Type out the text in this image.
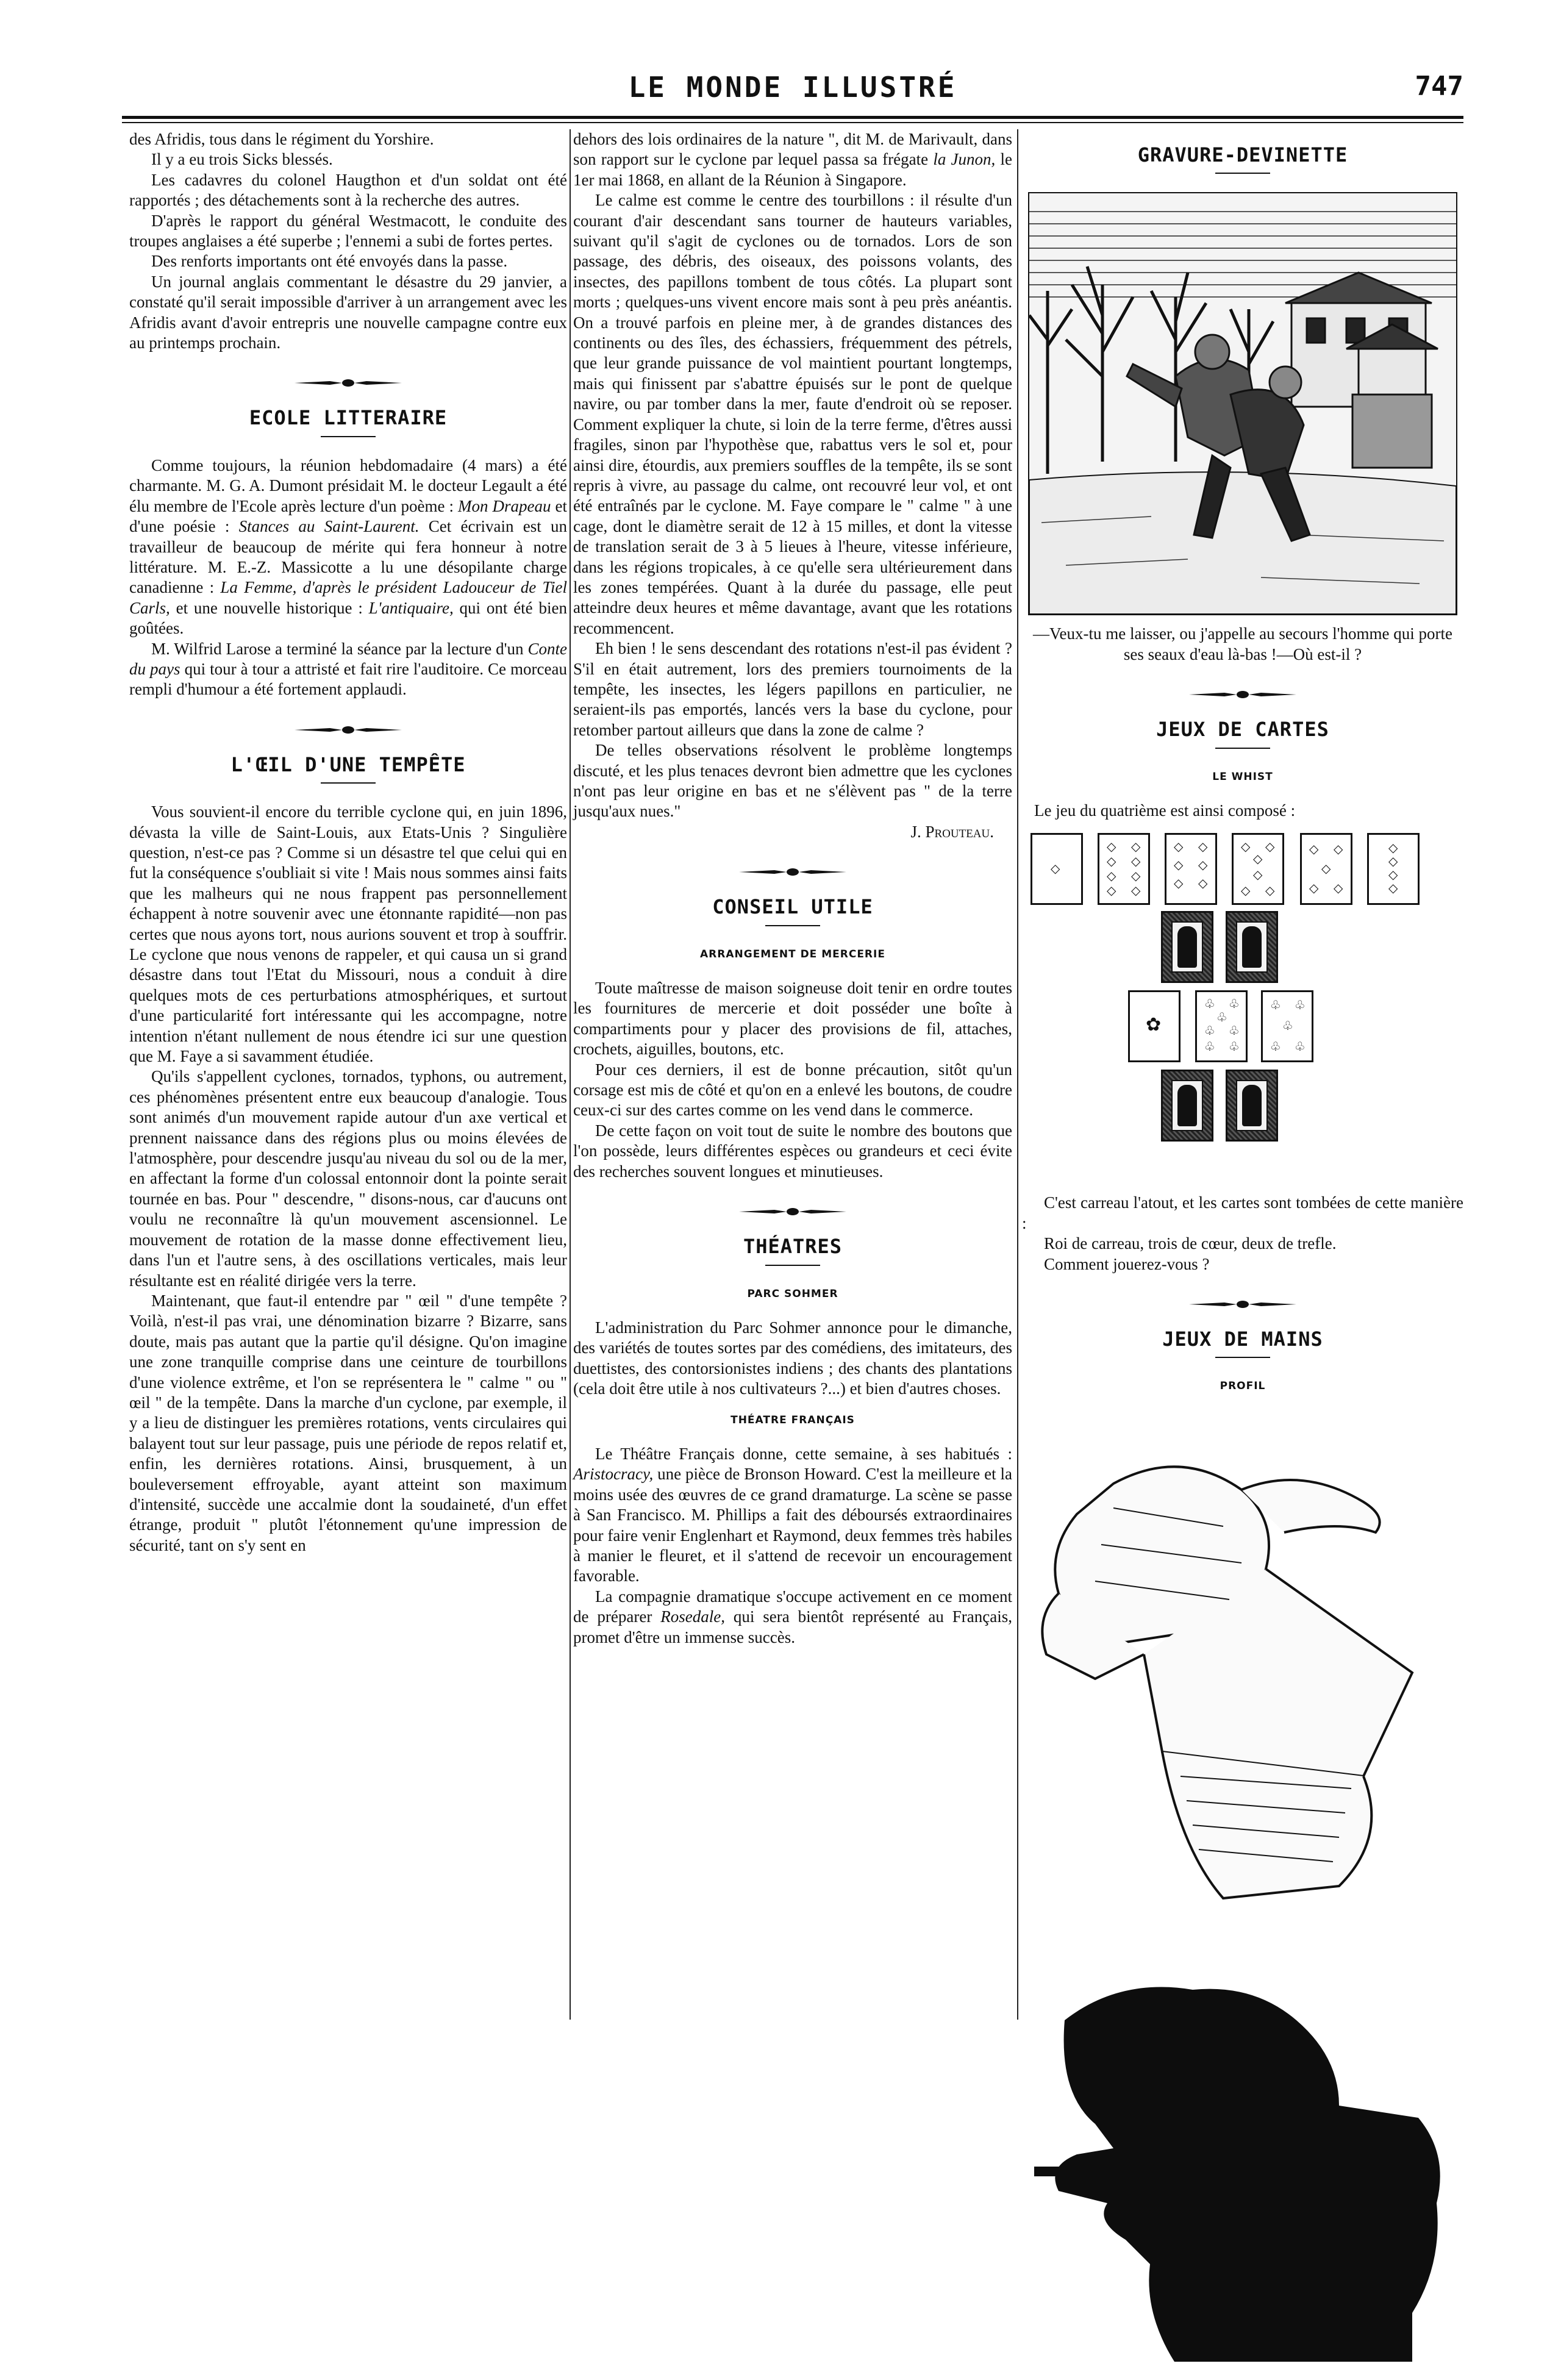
LE MONDE ILLUSTRÉ	747

des Afridis, tous dans le régiment du Yorshire.

Il y a eu trois Sicks blessés.

Les cadavres du colonel Haugthon et d'un soldat ont été rapportés ; des détachements sont à la recherche des autres.

D'après le rapport du général Westmacott, le conduite des troupes anglaises a été superbe ; l'ennemi a subi de fortes pertes.

Des renforts importants ont été envoyés dans la passe.

Un journal anglais commentant le désastre du 29 janvier, a constaté qu'il serait impossible d'arriver à un arrangement avec les Afridis avant d'avoir entrepris une nouvelle campagne contre eux au printemps prochain.

ECOLE LITTERAIRE

Comme toujours, la réunion hebdomadaire (4 mars) a été charmante. M. G. A. Dumont présidait M. le docteur Legault a été élu membre de l'Ecole après lecture d'un poème : Mon Drapeau et d'une poésie : Stances au Saint-Laurent. Cet écrivain est un travailleur de beaucoup de mérite qui fera honneur à notre littérature. M. E.-Z. Massicotte a lu une désopilante charge canadienne : La Femme, d'après le président Ladouceur de Tiel Carls, et une nouvelle historique : L'antiquaire, qui ont été bien goûtées.

M. Wilfrid Larose a terminé la séance par la lecture d'un Conte du pays qui tour à tour a attristé et fait rire l'auditoire. Ce morceau rempli d'humour a été fortement applaudi.

L'ŒIL D'UNE TEMPÊTE

Vous souvient-il encore du terrible cyclone qui, en juin 1896, dévasta la ville de Saint-Louis, aux Etats-Unis ? Singulière question, n'est-ce pas ? Comme si un désastre tel que celui qui en fut la conséquence s'oubliait si vite ! Mais nous sommes ainsi faits que les malheurs qui ne nous frappent pas personnellement échappent à notre souvenir avec une étonnante rapidité—non pas certes que nous ayons tort, nous aurions souvent et trop à souffrir. Le cyclone que nous venons de rappeler, et qui causa un si grand désastre dans tout l'Etat du Missouri, nous a conduit à dire quelques mots de ces perturbations atmosphériques, et surtout d'une particularité fort intéressante qui les accompagne, notre intention n'étant nullement de nous étendre ici sur une question que M. Faye a si savamment étudiée.

Qu'ils s'appellent cyclones, tornados, typhons, ou autrement, ces phénomènes présentent entre eux beaucoup d'analogie. Tous sont animés d'un mouvement rapide autour d'un axe vertical et prennent naissance dans des régions plus ou moins élevées de l'atmosphère, pour descendre jusqu'au niveau du sol ou de la mer, en affectant la forme d'un colossal entonnoir dont la pointe serait tournée en bas. Pour " descendre, " disons-nous, car d'aucuns ont voulu ne reconnaître là qu'un mouvement ascensionnel. Le mouvement de rotation de la masse donne effectivement lieu, dans l'un et l'autre sens, à des oscillations verticales, mais leur résultante est en réalité dirigée vers la terre.

Maintenant, que faut-il entendre par " œil " d'une tempête ? Voilà, n'est-il pas vrai, une dénomination bizarre ? Bizarre, sans doute, mais pas autant que la partie qu'il désigne. Qu'on imagine une zone tranquille comprise dans une ceinture de tourbillons d'une violence extrême, et l'on se représentera le " calme " ou " œil " de la tempête. Dans la marche d'un cyclone, par exemple, il y a lieu de distinguer les premières rotations, vents circulaires qui balayent tout sur leur passage, puis une période de repos relatif et, enfin, les dernières rotations. Ainsi, brusquement, à un bouleversement effroyable, ayant atteint son maximum d'intensité, succède une accalmie dont la soudaineté, d'un effet étrange, produit " plutôt l'étonnement qu'une impression de sécurité, tant on s'y sent en

dehors des lois ordinaires de la nature ", dit M. de Marivault, dans son rapport sur le cyclone par lequel passa sa frégate la Junon, le 1er mai 1868, en allant de la Réunion à Singapore.

Le calme est comme le centre des tourbillons : il résulte d'un courant d'air descendant sans tourner de hauteurs variables, suivant qu'il s'agit de cyclones ou de tornados. Lors de son passage, des débris, des oiseaux, des poissons volants, des insectes, des papillons tombent de tous côtés. La plupart sont morts ; quelques-uns vivent encore mais sont à peu près anéantis. On a trouvé parfois en pleine mer, à de grandes distances des continents ou des îles, des échassiers, fréquemment des pétrels, que leur grande puissance de vol maintient pourtant longtemps, mais qui finissent par s'abattre épuisés sur le pont de quelque navire, ou par tomber dans la mer, faute d'endroit où se reposer. Comment expliquer la chute, si loin de la terre ferme, d'êtres aussi fragiles, sinon par l'hypothèse que, rabattus vers le sol et, pour ainsi dire, étourdis, aux premiers souffles de la tempête, ils se sont repris à vivre, au passage du calme, ont recouvré leur vol, et ont été entraînés par le cyclone. M. Faye compare le " calme " à une cage, dont le diamètre serait de 12 à 15 milles, et dont la vitesse de translation serait de 3 à 5 lieues à l'heure, vitesse inférieure, dans les régions tropicales, à ce qu'elle sera ultérieurement dans les zones tempérées. Quant à la durée du passage, elle peut atteindre deux heures et même davantage, avant que les rotations recommencent.

Eh bien ! le sens descendant des rotations n'est-il pas évident ? S'il en était autrement, lors des premiers tournoiments de la tempête, les insectes, les légers papillons en particulier, ne seraient-ils pas emportés, lancés vers la base du cyclone, pour retomber partout ailleurs que dans la zone de calme ?

De telles observations résolvent le problème longtemps discuté, et les plus tenaces devront bien admettre que les cyclones n'ont pas leur origine en bas et ne s'élèvent pas " de la terre jusqu'aux nues."

J. Prouteau.

CONSEIL UTILE
ARRANGEMENT DE MERCERIE

Toute maîtresse de maison soigneuse doit tenir en ordre toutes les fournitures de mercerie et doit posséder une boîte à compartiments pour y placer des provisions de fil, attaches, crochets, aiguilles, boutons, etc.

Pour ces derniers, il est de bonne précaution, sitôt qu'un corsage est mis de côté et qu'on en a enlevé les boutons, de coudre ceux-ci sur des cartes comme on les vend dans le commerce.

De cette façon on voit tout de suite le nombre des boutons que l'on possède, leurs différentes espèces ou grandeurs et ceci évite des recherches souvent longues et minutieuses.

THÉATRES
PARC SOHMER

L'administration du Parc Sohmer annonce pour le dimanche, des variétés de toutes sortes par des comédiens, des imitateurs, des duettistes, des contorsionistes indiens ; des chants des plantations (cela doit être utile à nos cultivateurs ?...) et bien d'autres choses.

THÉATRE FRANÇAIS

Le Théâtre Français donne, cette semaine, à ses habitués : Aristocracy, une pièce de Bronson Howard. C'est la meilleure et la moins usée des œuvres de ce grand dramaturge. La scène se passe à San Francisco. M. Phillips a fait des déboursés extraordinaires pour faire venir Englenhart et Raymond, deux femmes très habiles à manier le fleuret, et il s'attend de recevoir un encouragement favorable.

La compagnie dramatique s'occupe activement en ce moment de préparer Rosedale, qui sera bientôt représenté au Français, promet d'être un immense succès.

GRAVURE-DEVINETTE

—Veux-tu me laisser, ou j'appelle au secours l'homme qui porte ses seaux d'eau là-bas !—Où est-il ?

JEUX DE CARTES
LE WHIST

Le jeu du quatrième est ainsi composé :

◇
◇ ◇
◇ ◇
◇ ◇
◇ ◇
◇ ◇
◇ ◇
◇ ◇
◇ ◇
◇
◇
◇ ◇
◇ ◇
◇
◇ ◇
◇
◇
◇
◇
✿
♧ ♧
♧
♧ ♧
♧ ♧
♧ ♧
♧
♧ ♧

C'est carreau l'atout, et les cartes sont tombées de cette manière :

Roi de carreau, trois de cœur, deux de trefle.

Comment jouerez-vous ?

JEUX DE MAINS
PROFIL
